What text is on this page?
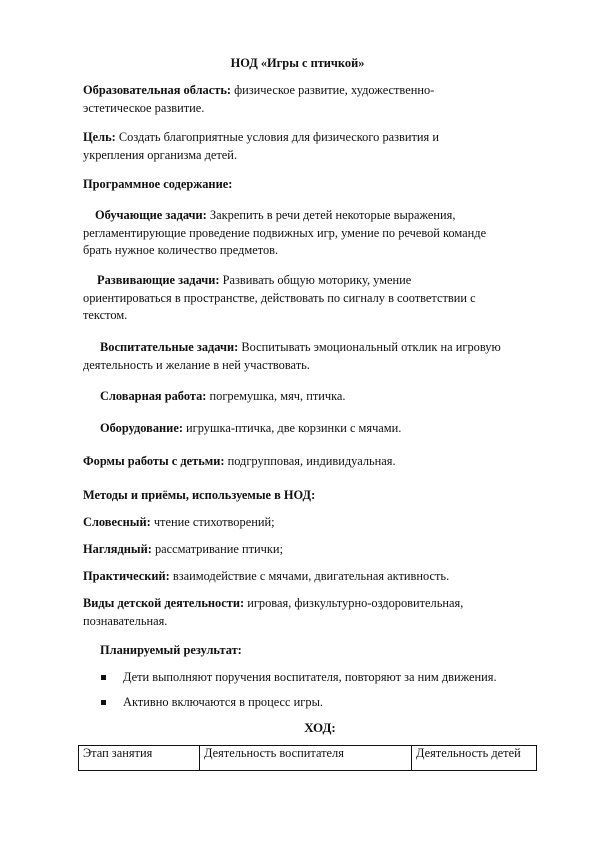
НОД «Игры с птичкой»

Образовательная область: физическое развитие, художественно-
эстетическое развитие.

Цель: Создать благоприятные условия для физического развития и
укрепления организма детей.

Программное содержание:

Обучающие задачи: Закрепить в речи детей некоторые выражения,
регламентирующие проведение подвижных игр, умение по речевой команде
брать нужное количество предметов.

Развивающие задачи: Развивать общую моторику, умение
ориентироваться в пространстве, действовать по сигналу в соответствии с
текстом.

Воспитательные задачи: Воспитывать эмоциональный отклик на игровую
деятельность и желание в ней участвовать.

Словарная работа: погремушка, мяч, птичка.

Оборудование: игрушка-птичка, две корзинки с мячами.

Формы работы с детьми: подгрупповая, индивидуальная.

Методы и приёмы, используемые в НОД:

Словесный: чтение стихотворений;

Наглядный: рассматривание птички;

Практический: взаимодействие с мячами, двигательная активность.

Виды детской деятельности: игровая, физкультурно-оздоровительная,
познавательная.

Планируемый результат:

Дети выполняют поручения воспитателя, повторяют за ним движения.
Активно включаются в процесс игры.
ХОД:
Этап занятия	Деятельность воспитателя	Деятельность детей
